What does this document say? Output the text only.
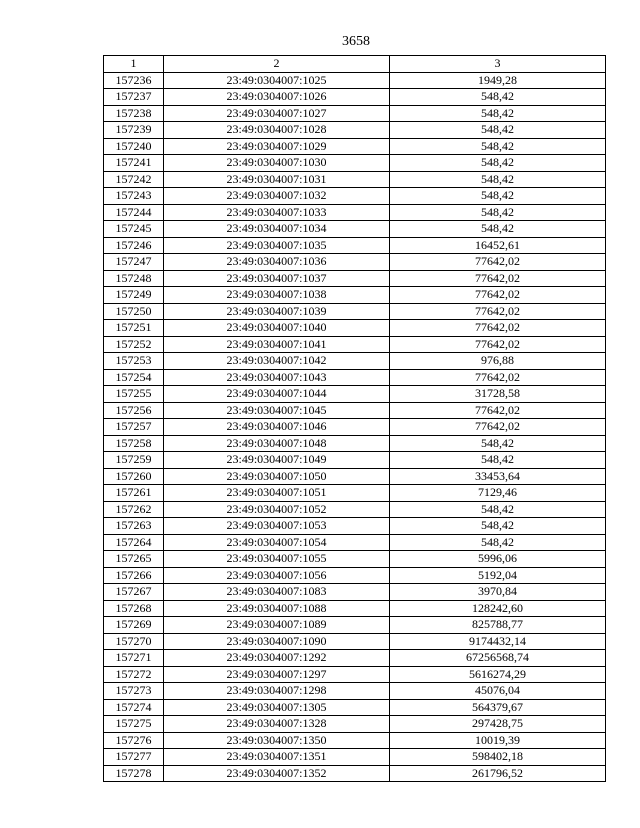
3658
1	2	3
157236	23:49:0304007:1025	1949,28
157237	23:49:0304007:1026	548,42
157238	23:49:0304007:1027	548,42
157239	23:49:0304007:1028	548,42
157240	23:49:0304007:1029	548,42
157241	23:49:0304007:1030	548,42
157242	23:49:0304007:1031	548,42
157243	23:49:0304007:1032	548,42
157244	23:49:0304007:1033	548,42
157245	23:49:0304007:1034	548,42
157246	23:49:0304007:1035	16452,61
157247	23:49:0304007:1036	77642,02
157248	23:49:0304007:1037	77642,02
157249	23:49:0304007:1038	77642,02
157250	23:49:0304007:1039	77642,02
157251	23:49:0304007:1040	77642,02
157252	23:49:0304007:1041	77642,02
157253	23:49:0304007:1042	976,88
157254	23:49:0304007:1043	77642,02
157255	23:49:0304007:1044	31728,58
157256	23:49:0304007:1045	77642,02
157257	23:49:0304007:1046	77642,02
157258	23:49:0304007:1048	548,42
157259	23:49:0304007:1049	548,42
157260	23:49:0304007:1050	33453,64
157261	23:49:0304007:1051	7129,46
157262	23:49:0304007:1052	548,42
157263	23:49:0304007:1053	548,42
157264	23:49:0304007:1054	548,42
157265	23:49:0304007:1055	5996,06
157266	23:49:0304007:1056	5192,04
157267	23:49:0304007:1083	3970,84
157268	23:49:0304007:1088	128242,60
157269	23:49:0304007:1089	825788,77
157270	23:49:0304007:1090	9174432,14
157271	23:49:0304007:1292	67256568,74
157272	23:49:0304007:1297	5616274,29
157273	23:49:0304007:1298	45076,04
157274	23:49:0304007:1305	564379,67
157275	23:49:0304007:1328	297428,75
157276	23:49:0304007:1350	10019,39
157277	23:49:0304007:1351	598402,18
157278	23:49:0304007:1352	261796,52
